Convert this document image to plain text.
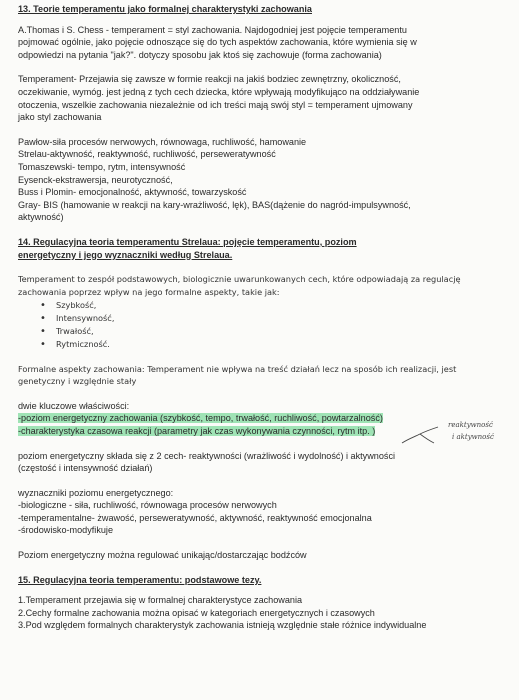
13. Teorie temperamentu jako formalnej charakterystyki zachowania

A.Thomas i S. Chess - temperament = styl zachowania. Najdogodniej jest pojęcie temperamentu

pojmować ogólnie, jako pojęcie odnoszące się do tych aspektów zachowania, które wymienia się w

odpowiedzi na pytania "jak?". dotyczy sposobu jak ktoś się zachowuje (forma zachowania)

Temperament- Przejawia się zawsze w formie reakcji na jakiś bodziec zewnętrzny, okoliczność,

oczekiwanie, wymóg. jest jedną z tych cech dziecka, które wpływają modyfikująco na oddziaływanie

otoczenia, wszelkie zachowania niezależnie od ich treści mają swój styl = temperament ujmowany

jako styl zachowania

Pawłow-siła procesów nerwowych, równowaga, ruchliwość, hamowanie

Strelau-aktywność, reaktywność, ruchliwość, perseweratywność

Tomaszewski- tempo, rytm, intensywność

Eysenck-ekstrawersja, neurotyczność,

Buss i Plomin- emocjonalność, aktywność, towarzyskość

Gray- BIS (hamowanie w reakcji na kary-wrażliwość, lęk), BAS(dążenie do nagród-impulsywność,

aktywność)

14. Regulacyjna teoria temperamentu Strelaua: pojęcie temperamentu, poziom

energetyczny i jego wyznaczniki według Strelaua.

Temperament to zespół podstawowych, biologicznie uwarunkowanych cech, które odpowiadają za regulację

zachowania poprzez wpływ na jego formalne aspekty, takie jak:

• Szybkość,
• Intensywność,
• Trwałość,
• Rytmiczność.

Formalne aspekty zachowania: Temperament nie wpływa na treść działań lecz na sposób ich realizacji, jest

genetyczny i względnie stały

dwie kluczowe właściwości:

-poziom energetyczny zachowania (szybkość, tempo, trwałość, ruchliwość, powtarzalność)

-charakterystyka czasowa reakcji (parametry jak czas wykonywania czynności, rytm itp. )

reaktywność
i aktywność

poziom energetyczny składa się z 2 cech- reaktywności (wrażliwość i wydolność) i aktywności

(częstość i intensywność działań)

wyznaczniki poziomu energetycznego:

-biologiczne - siła, ruchliwość, równowaga procesów nerwowych

-temperamentalne- żwawość, perseweratywność, aktywność, reaktywność emocjonalna

-środowisko-modyfikuje

Poziom energetyczny można regulować unikając/dostarczając bodźców

15. Regulacyjna teoria temperamentu: podstawowe tezy.

1.Temperament przejawia się w formalnej charakterystyce zachowania

2.Cechy formalne zachowania można opisać w kategoriach energetycznych i czasowych

3.Pod względem formalnych charakterystyk zachowania istnieją względnie stałe różnice indywidualne
